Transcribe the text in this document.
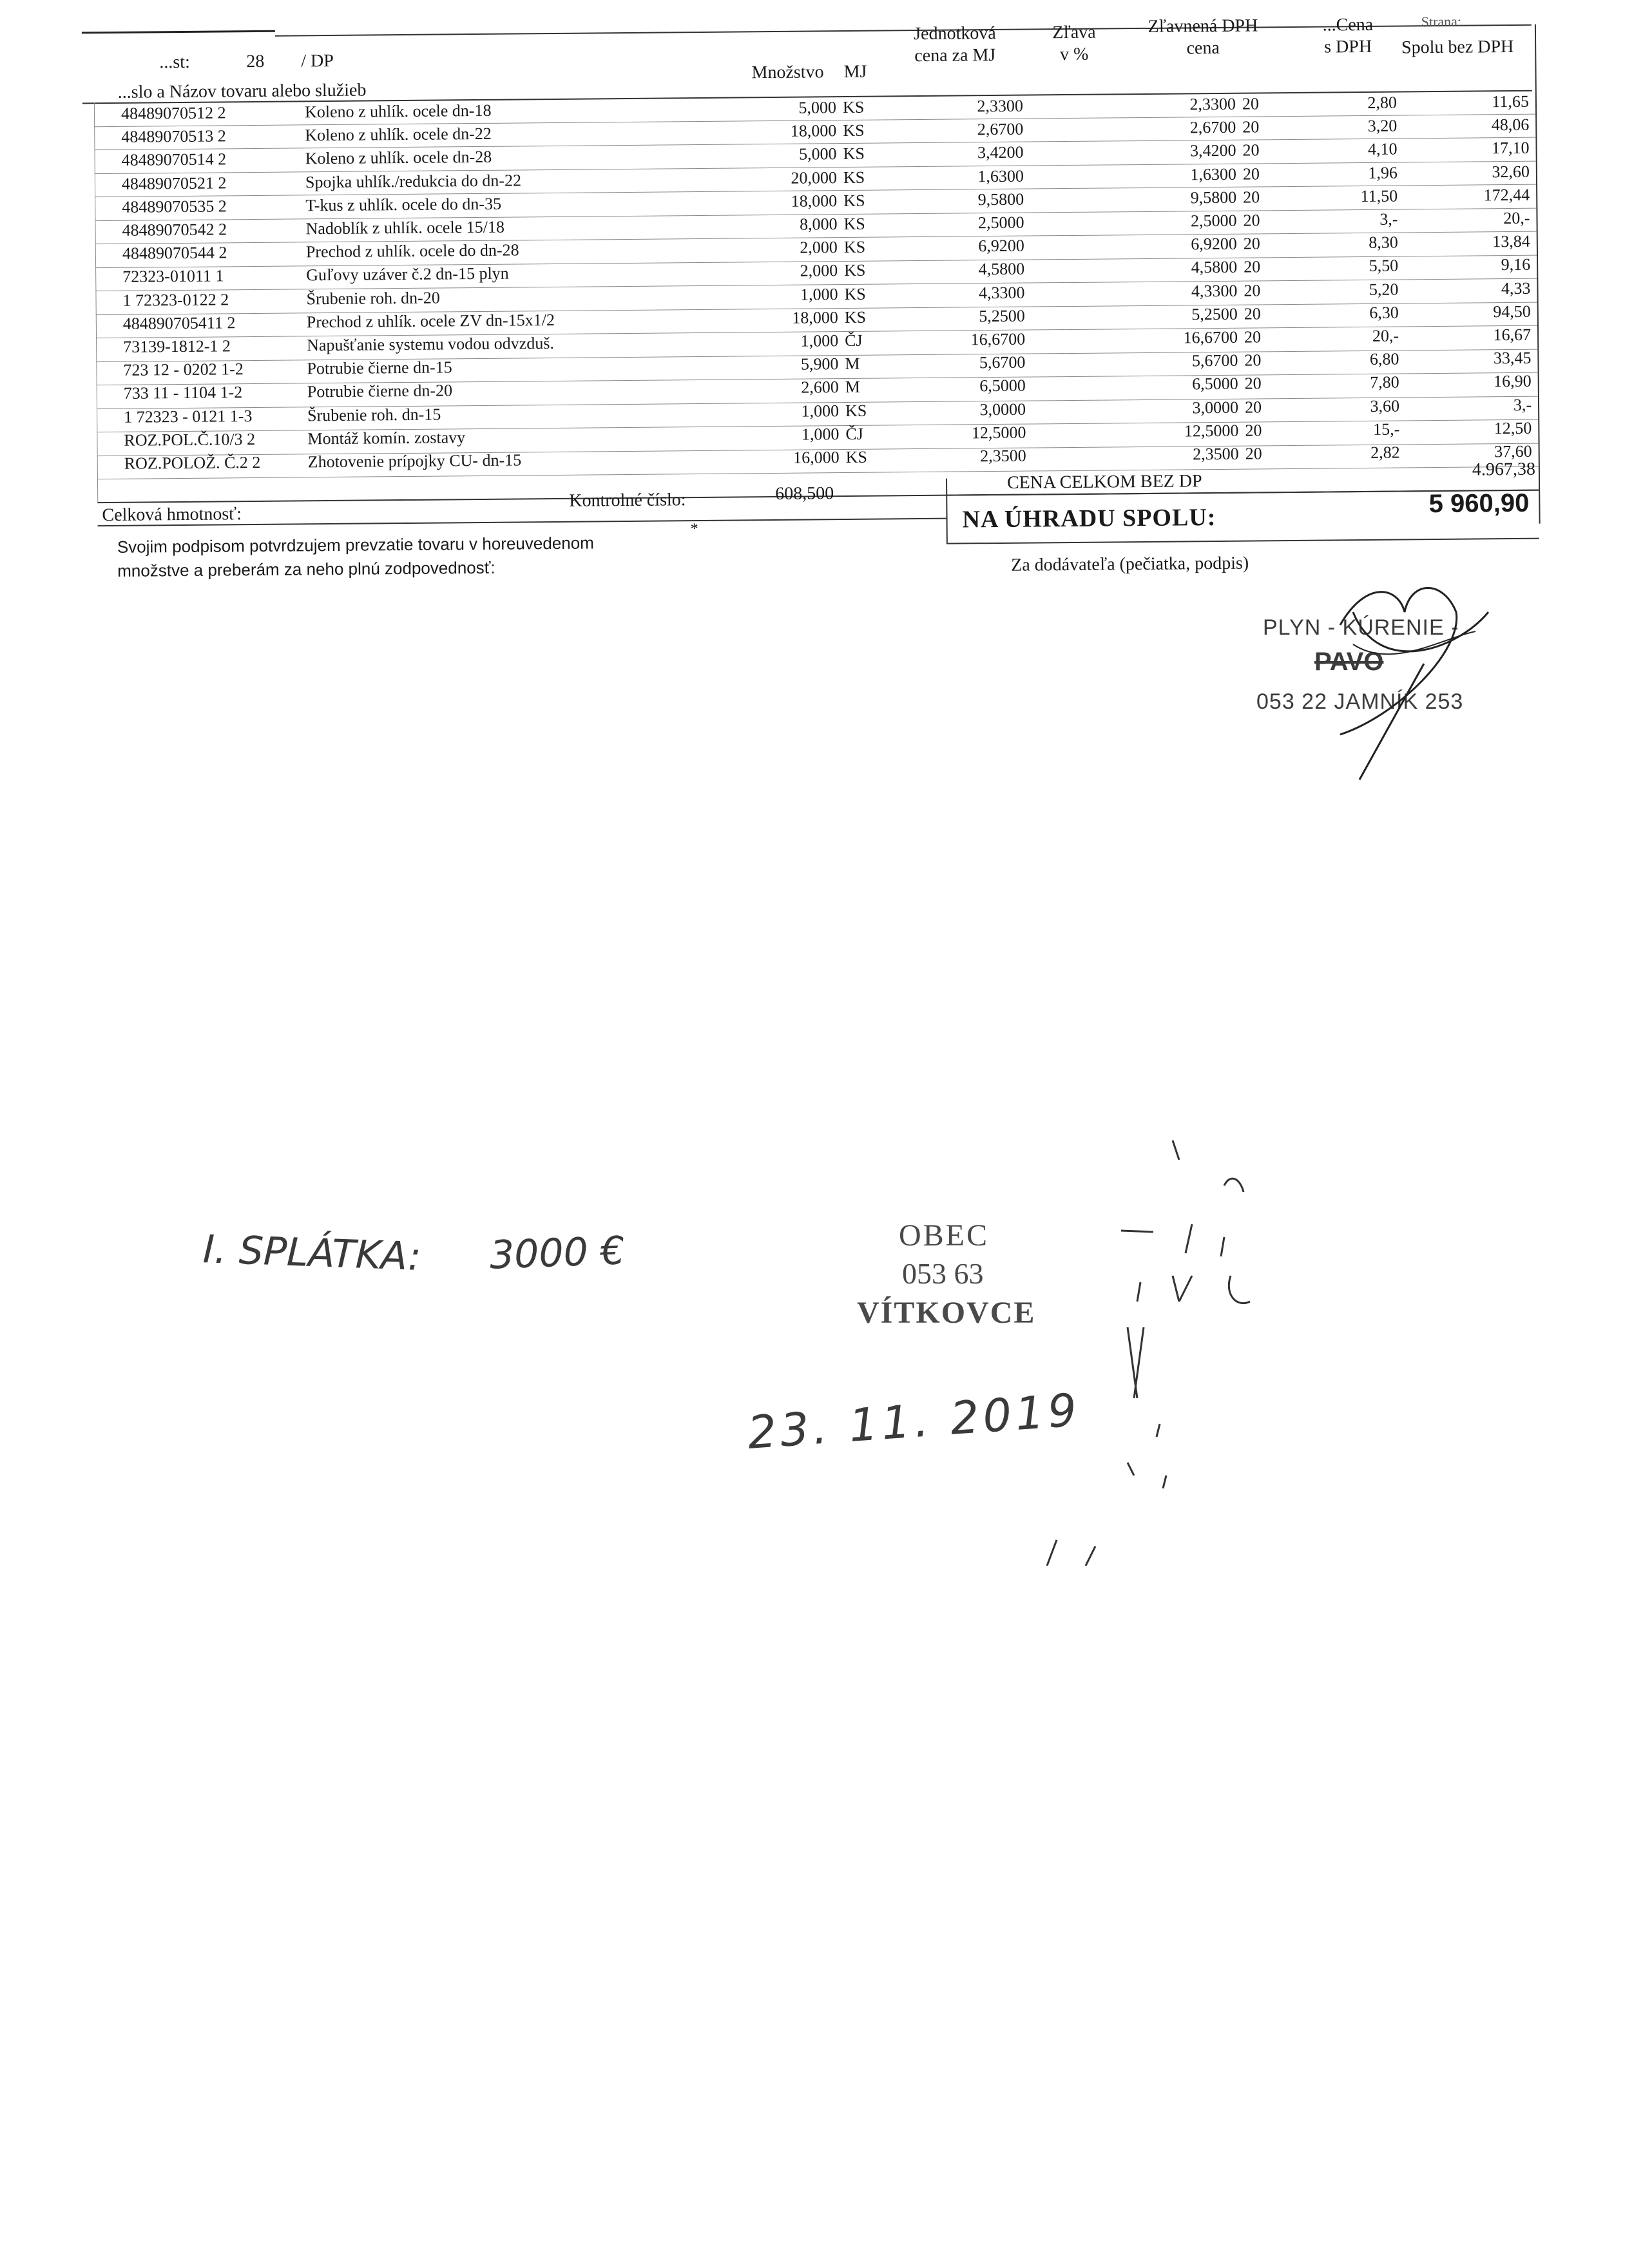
...st:	28	/ DP
...slo a Názov tovaru alebo služieb
Množstvo	MJ
Jednotková
cena za MJ
Zľava
v %
Zľavnená DPH
cena
...Cena
s DPH	Spolu bez DPH
Strana:
48489070512 2	Koleno z uhlík. ocele dn-18	5,000 KS	2,3300	2,3300 20	2,80	11,65
48489070513 2	Koleno z uhlík. ocele dn-22	18,000 KS	2,6700	2,6700 20	3,20	48,06
48489070514 2	Koleno z uhlík. ocele dn-28	5,000 KS	3,4200	3,4200 20	4,10	17,10
48489070521 2	Spojka uhlík./redukcia do dn-22	20,000 KS	1,6300	1,6300 20	1,96	32,60
48489070535 2	T-kus z uhlík. ocele do dn-35	18,000 KS	9,5800	9,5800 20	11,50	172,44
48489070542 2	Nadoblík z uhlík. ocele 15/18	8,000 KS	2,5000	2,5000 20	3,-	20,-
48489070544 2	Prechod z uhlík. ocele do dn-28	2,000 KS	6,9200	6,9200 20	8,30	13,84
72323-01011 1	Guľovy uzáver č.2 dn-15 plyn	2,000 KS	4,5800	4,5800 20	5,50	9,16
1 72323-0122 2	Šrubenie roh. dn-20	1,000 KS	4,3300	4,3300 20	5,20	4,33
484890705411 2	Prechod z uhlík. ocele ZV dn-15x1/2	18,000 KS	5,2500	5,2500 20	6,30	94,50
73139-1812-1 2	Napušťanie systemu vodou odvzduš.	1,000 ČJ	16,6700	16,6700 20	20,-	16,67
723 12 - 0202 1-2	Potrubie čierne dn-15	5,900 M	5,6700	5,6700 20	6,80	33,45
733 11 - 1104 1-2	Potrubie čierne dn-20	2,600 M	6,5000	6,5000 20	7,80	16,90
1 72323 - 0121 1-3	Šrubenie roh. dn-15	1,000 KS	3,0000	3,0000 20	3,60	3,-
ROZ.POL.Č.10/3 2	Montáž komín. zostavy	1,000 ČJ	12,5000	12,5000 20	15,-	12,50
ROZ.POLOŽ. Č.2 2	Zhotovenie prípojky CU- dn-15	16,000 KS	2,3500	2,3500 20	2,82	37,60
Celková hmotnosť:
Kontrolné číslo:	608,500
CENA CELKOM BEZ DP
4.967,38
NA ÚHRADU SPOLU:
5 960,90
Svojim podpisom potvrdzujem prevzatie tovaru v horeuvedenom
množstve a preberám za neho plnú zodpovednosť:
*
Za dodávateľa (pečiatka, podpis)
PLYN - KÚRENIE -
PAVO
053 22 JAMNÍK 253
OBEC
053 63
VÍTKOVCE
I. SPLÁTKA: 3000 €
23. 11. 2019
